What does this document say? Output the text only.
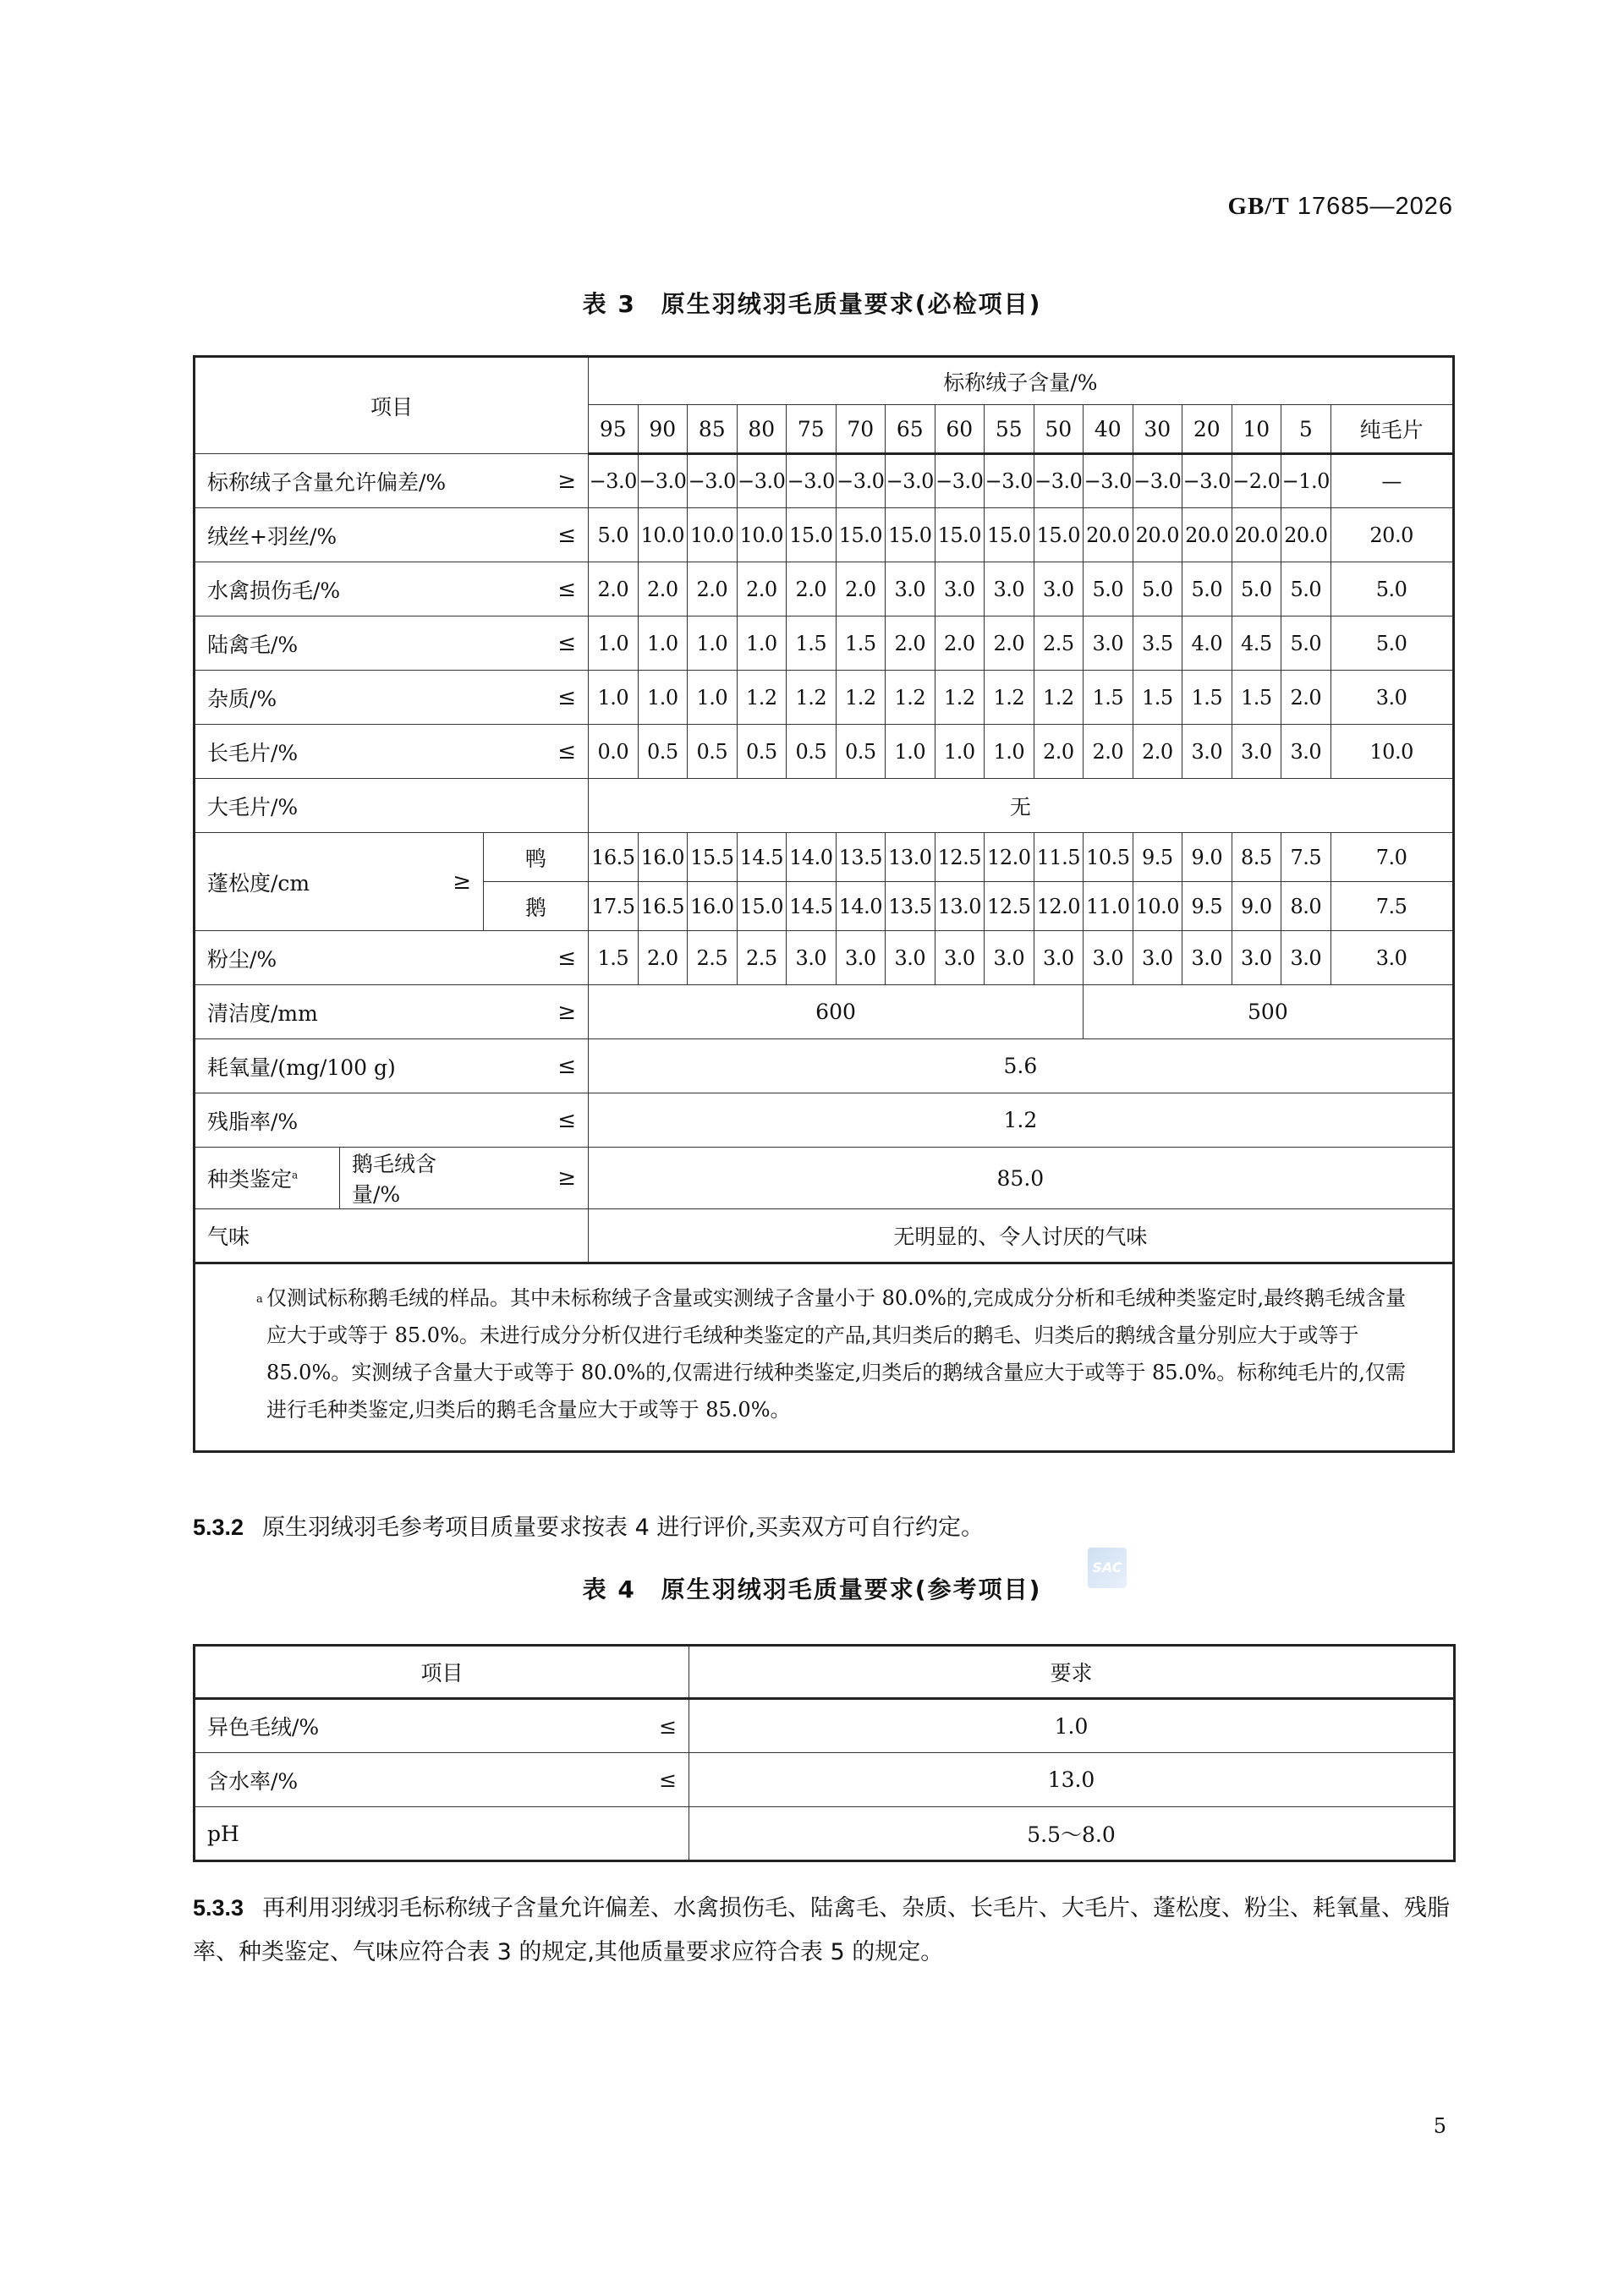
GB/T 17685—2026
表 3　原生羽绒羽毛质量要求(必检项目)
项目			标称绒子含量/%															
			95	90	85	80	75	70	65	60	55	50	40	30	20	10	5	纯毛片
标称绒子含量允许偏差/%		≥	−3.0	−3.0	−3.0	−3.0	−3.0	−3.0	−3.0	−3.0	−3.0	−3.0	−3.0	−3.0	−3.0	−2.0	−1.0	—
绒丝+羽丝/%		≤	5.0	10.0	10.0	10.0	15.0	15.0	15.0	15.0	15.0	15.0	20.0	20.0	20.0	20.0	20.0	20.0
水禽损伤毛/%		≤	2.0	2.0	2.0	2.0	2.0	2.0	3.0	3.0	3.0	3.0	5.0	5.0	5.0	5.0	5.0	5.0
陆禽毛/%		≤	1.0	1.0	1.0	1.0	1.5	1.5	2.0	2.0	2.0	2.5	3.0	3.5	4.0	4.5	5.0	5.0
杂质/%		≤	1.0	1.0	1.0	1.2	1.2	1.2	1.2	1.2	1.2	1.2	1.5	1.5	1.5	1.5	2.0	3.0
长毛片/%		≤	0.0	0.5	0.5	0.5	0.5	0.5	1.0	1.0	1.0	2.0	2.0	2.0	3.0	3.0	3.0	10.0
大毛片/%			无															
蓬松度/cm	≥	鸭	16.5	16.0	15.5	14.5	14.0	13.5	13.0	12.5	12.0	11.5	10.5	9.5	9.0	8.5	7.5	7.0
		鹅	17.5	16.5	16.0	15.0	14.5	14.0	13.5	13.0	12.5	12.0	11.0	10.0	9.5	9.0	8.0	7.5
粉尘/%		≤	1.5	2.0	2.5	2.5	3.0	3.0	3.0	3.0	3.0	3.0	3.0	3.0	3.0	3.0	3.0	3.0
清洁度/mm		≥	600										500					
耗氧量/(mg/100 g)		≤	5.6															
残脂率/%		≤	1.2															
种类鉴定$^a$	鹅毛绒含量/%	≥	85.0															
气味			无明显的、令人讨厌的气味															

a 仅测试标称鹅毛绒的样品。其中未标称绒子含量或实测绒子含量小于 80.0%的,完成成分分析和毛绒种类鉴定时,最终鹅毛绒含量应大于或等于 85.0%。未进行成分分析仅进行毛绒种类鉴定的产品,其归类后的鹅毛、归类后的鹅绒含量分别应大于或等于 85.0%。实测绒子含量大于或等于 80.0%的,仅需进行绒种类鉴定,归类后的鹅绒含量应大于或等于 85.0%。标称纯毛片的,仅需进行毛种类鉴定,归类后的鹅毛含量应大于或等于 85.0%。																		
5.3.2 原生羽绒羽毛参考项目质量要求按表 4 进行评价,买卖双方可自行约定。
SAC
表 4　原生羽绒羽毛质量要求(参考项目)
项目		要求
异色毛绒/%	≤	1.0
含水率/%	≤	13.0
pH		5.5～8.0
5.3.3 再利用羽绒羽毛标称绒子含量允许偏差、水禽损伤毛、陆禽毛、杂质、长毛片、大毛片、蓬松度、粉尘、耗氧量、残脂率、种类鉴定、气味应符合表 3 的规定,其他质量要求应符合表 5 的规定。
5
